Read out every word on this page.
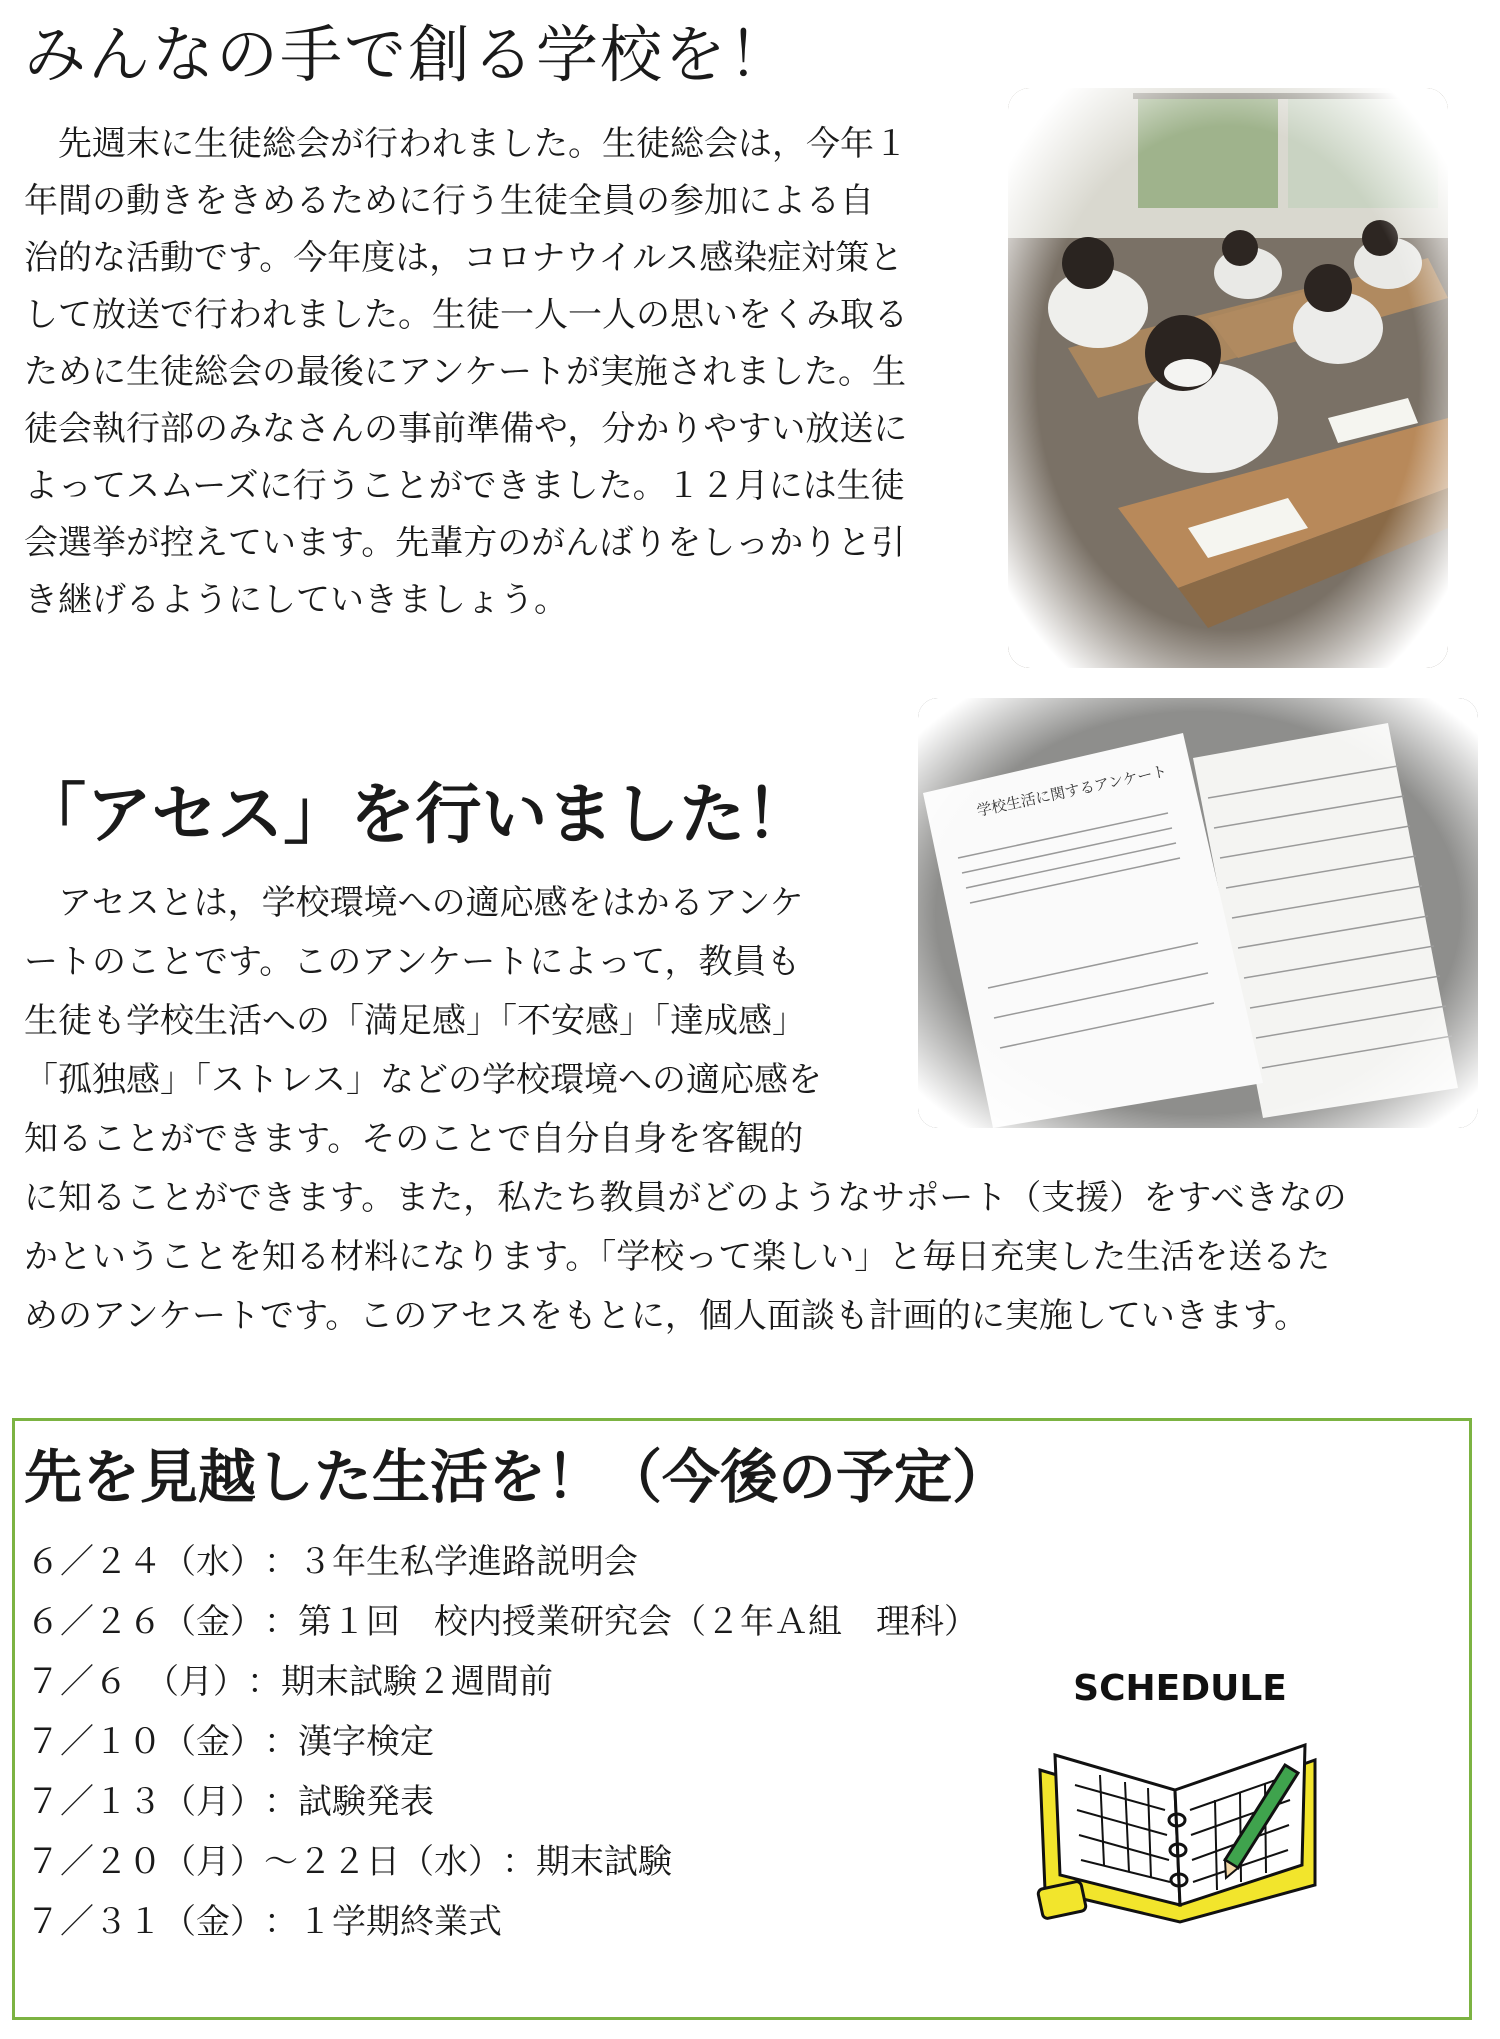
みんなの手で創る学校を！
　先週末に生徒総会が行われました。生徒総会は，今年１
年間の動きをきめるために行う生徒全員の参加による自
治的な活動です。今年度は，コロナウイルス感染症対策と
して放送で行われました。生徒一人一人の思いをくみ取る
ために生徒総会の最後にアンケートが実施されました。生
徒会執行部のみなさんの事前準備や，分かりやすい放送に
よってスムーズに行うことができました。１２月には生徒
会選挙が控えています。先輩方のがんばりをしっかりと引
き継げるようにしていきましょう。
「アセス」を行いました！
　アセスとは，学校環境への適応感をはかるアンケ
ートのことです。このアンケートによって，教員も
生徒も学校生活への「満足感」「不安感」「達成感」
「孤独感」「ストレス」などの学校環境への適応感を
知ることができます。そのことで自分自身を客観的
に知ることができます。また，私たち教員がどのようなサポート（支援）をすべきなの
かということを知る材料になります。「学校って楽しい」と毎日充実した生活を送るた
めのアンケートです。このアセスをもとに，個人面談も計画的に実施していきます。
先を見越した生活を！（今後の予定）
６／２４（水）：３年生私学進路説明会
６／２６（金）：第１回　校内授業研究会（２年Ａ組　理科）
７／６　（月）：期末試験２週間前
７／１０（金）：漢字検定
７／１３（月）：試験発表
７／２０（月）～２２日（水）：期末試験
７／３１（金）：１学期終業式
SCHEDULE
